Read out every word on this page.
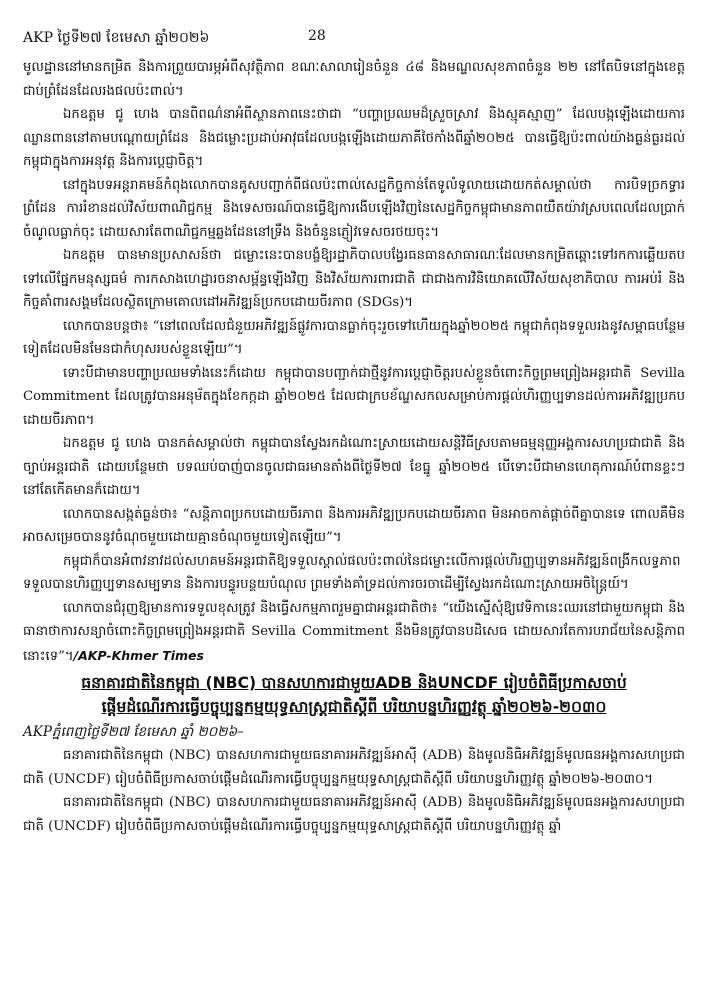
AKP ថ្ងៃទី២៧ ខែមេសា ឆ្នាំ២០២៦	28

មូលដ្ឋាននៅមានកម្រិត និងការព្រួយបារម្ភអំពីសុវត្ថិភាព ខណៈសាលារៀនចំនួន ៤៨ និងមណ្ឌលសុខភាពចំនួន ២២ នៅតែបិទនៅក្នុងខេត្តជាប់ព្រំដែនដែលរងផលប៉ះពាល់។

ឯកឧត្តម ជូ ហេង បានពិពណ៌នាអំពីស្ថានភាពនេះថាជា “បញ្ហាប្រឈមដ៏ស្រួចស្រាវ និងស្មុគស្មាញ” ដែលបង្កឡើងដោយការឈ្លានពាននៅតាមបណ្តោយព្រំដែន និងជម្លោះប្រដាប់អាវុធដែលបង្កឡើងដោយភាគីថៃកាំងពីឆ្នាំ២០២៥ បានធ្វើឱ្យប៉ះពាល់យ៉ាងធ្ងន់ធ្ងរដល់កម្ពុជាក្នុងការអនុវត្ត និងការបេ្តជ្ញាចិត្ត។

នៅក្នុងបទអន្តរាគមន៍កំពុងលោកបានគូសបញ្ជាក់ពីផលប៉ះពាល់សេដ្ឋកិច្ចកាន់តែទូលំទូលាយដោយកត់សម្គាល់ថា ការបិទច្រកទ្វារព្រំដែន ការរំខានដល់វិស័យពាណិជ្ជកម្ម និងទេសចរណ៍បានធ្វើឱ្យការងើបឡើងវិញនៃសេដ្ឋកិច្ចកម្ពុជាមានភាពយឺតយ៉ាវស្របពេលដែលប្រាក់ចំណូលធ្លាក់ចុះ ដោយសារតែពាណិជ្ជកម្មឆ្លងដែននៅទ្រឹង និងចំនួនភ្ញៀវទេសចរថយចុះ។

ឯកឧត្តម បានមានប្រសាសន៍ថា ជម្លោះនេះបានបង្ខំឱ្យរដ្ឋាភិបាលបង្វែរធនធានសាធារណៈដែលមានកម្រិតឆ្ពោះទៅរកការឆ្លើយតបទៅលើផ្នែកមនុស្សធម៌ ការកសាងហេដ្ឋារចនាសម្ព័ន្ធឡើងវិញ និងវិស័យការពារជាតិ ជាជាងការវិនិយោគលើវិស័យសុខាភិបាល ការអប់រំ និងកិច្ចគាំពារសង្គមដែលស្ថិតក្រោមគោលដៅអភិវឌ្ឍន៍ប្រកបដោយចីរភាព (SDGs)។

លោកបានបន្តថា៖ “នៅពេលដែលជំនួយអភិវឌ្ឍន៍ផ្លូវការបានធ្លាក់ចុះរួចទៅហើយក្នុងឆ្នាំ២០២៥ កម្ពុជាកំពុងទទួលរងនូវសម្ពាធបន្ថែមទៀតដែលមិនមែនជាកំហុសរបស់ខ្លួនឡើយ”។

ទោះបីជាមានបញ្ហាប្រឈមទាំងនេះក៏ដោយ កម្ពុជាបានបញ្ជាក់ជាថ្មីនូវការប្តេជ្ញាចិត្តរបស់ខ្លួនចំពោះកិច្ចព្រមព្រៀងអន្តរជាតិ Sevilla Commitment ដែលត្រូវបានអនុម័តក្នុងខែកក្កដា ឆ្នាំ២០២៥ ដែលជាក្របខ័ណ្ឌសកលសម្រាប់ការផ្តល់ហិរញ្ញប្បទានដល់ការអភិវឌ្ឍប្រកបដោយចីរភាព។

ឯកឧត្តម ជូ ហេង បានកត់សម្គាល់ថា កម្ពុជាបានស្វែងរកដំណោះស្រាយដោយសន្តិវិធីស្របតាមធម្មនុញ្ញអង្គការសហប្រជាជាតិ និងច្បាប់អន្តរជាតិ ដោយបន្ថែមថា បទឈប់បាញ់បានចូលជាធរមានតាំងពីថ្ងៃទី២៧ ខែធ្នូ ឆ្នាំ២០២៥ បើទោះបីជាមានហេតុការណ៍បំពានខ្លះៗនៅតែកើតមានក៏ដោយ។

លោកបានសង្កត់ធ្ងន់ថា៖ “សន្តិភាពប្រកបដោយចីរភាព និងការអភិវឌ្ឍប្រកបដោយចីរភាព មិនអាចកាត់ផ្តាច់ពីគ្នាបានទេ ពោលគឺមិនអាចសម្រេចបាននូវចំណុចមួយដោយគ្មានចំណុចមួយទៀតឡើយ”។

កម្ពុជាក៏បានអំពាវនាវដល់សហគមន៍អន្តរជាតិឱ្យទទួលស្គាល់ផលប៉ះពាល់នៃជម្លោះលើការផ្តល់ហិរញ្ញប្បទានអភិវឌ្ឍន៍ពង្រីកលទ្ធភាពទទួលបានហិរញ្ញប្បទានសម្បទាន និងការបន្ធូរបន្ថយបំណុល ព្រមទាំងគាំទ្រដល់ការចរចាដើម្បីស្វែងរកដំណោះស្រាយអចិន្ត្រៃយ៍។

លោកបានជំរុញឱ្យមានការទទួលខុសត្រូវ និងធ្វើសកម្មភាពរួមគ្នាជាអន្តរជាតិថា៖ “យើងស្នើសុំឱ្យវេទិកានេះឈរនៅជាមួយកម្ពុជា និងធានាថាការសន្យាចំពោះកិច្ចព្រមព្រៀងអន្តរជាតិ Sevilla Commitment នឹងមិនត្រូវបានបដិសេធ ដោយសារតែការបរាជ័យនៃសន្តិភាពនោះទេ”។/AKP-Khmer Times

ធនាគារជាតិនៃកម្ពុជា (NBC) បានសហការជាមួយADB និងUNCDF រៀបចំពិធីប្រកាសចាប់
ផ្តើមដំណើរការធ្វើបច្ចុប្បន្នកម្មយុទ្ធសាស្ត្រជាតិស្តីពី បរិយាបន្នហិរញ្ញវត្ថុ ឆ្នាំ២០២៦-២០៣០
AKPភ្នំពេញថ្ងៃទី២៧ ខែមេសា ឆ្នាំ ២០២៦–

ធនាគារជាតិនៃកម្ពុជា (NBC) បានសហការជាមួយធនាគារអភិវឌ្ឍន៍អាស៊ី (ADB) និងមូលនិធិអភិវឌ្ឍន៍មូលធនអង្គការសហប្រជាជាតិ (UNCDF) រៀបចំពិធីប្រកាសចាប់ផ្តើមដំណើរការធ្វើបច្ចុប្បន្នកម្មយុទ្ធសាស្ត្រជាតិស្តីពី បរិយាបន្នហិរញ្ញវត្ថុ ឆ្នាំ២០២៦-២០៣០។

ធនាគារជាតិនៃកម្ពុជា (NBC) បានសហការជាមួយធនាគារអភិវឌ្ឍន៍អាស៊ី (ADB) និងមូលនិធិអភិវឌ្ឍន៍មូលធនអង្គការសហប្រជាជាតិ (UNCDF) រៀបចំពិធីប្រកាសចាប់ផ្តើមដំណើរការធ្វើបច្ចុប្បន្នកម្មយុទ្ធសាស្ត្រជាតិស្តីពី បរិយាបន្នហិរញ្ញវត្ថុ ឆ្នាំ
